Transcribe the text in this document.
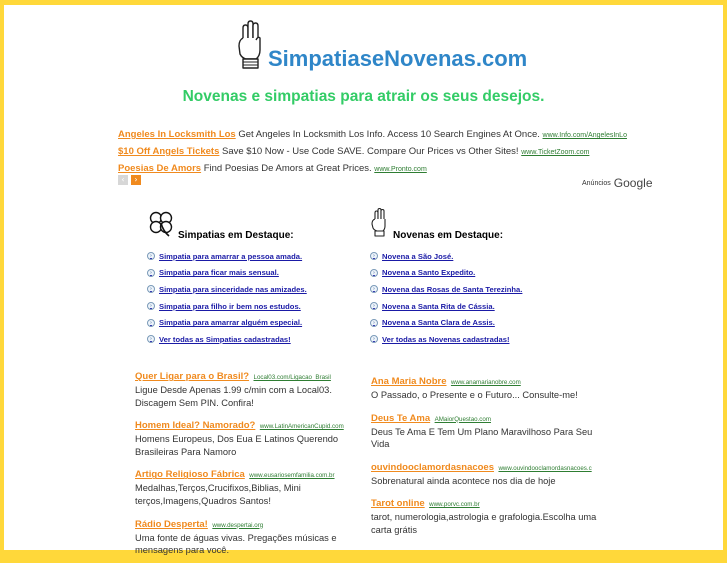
SimpatiaseNovenas.com
Novenas e simpatias para atrair os seus desejos.
Angeles In Locksmith Los Get Angeles In Locksmith Los Info. Access 10 Search Engines At Once. www.Info.com/AngelesInLo
$10 Off Angels Tickets Save $10 Now - Use Code SAVE. Compare Our Prices vs Other Sites! www.TicketZoom.com
Poesias De Amors Find Poesias De Amors at Great Prices. www.Pronto.com
‹	›	Anúncios Google
Simpatias em Destaque:
› Simpatia para amarrar a pessoa amada.
› Simpatia para ficar mais sensual.
› Simpatia para sinceridade nas amizades.
› Simpatia para filho ir bem nos estudos.
› Simpatia para amarrar alguém especial.
› Ver todas as Simpatias cadastradas!
Novenas em Destaque:
› Novena a São José.
› Novena a Santo Expedito.
› Novena das Rosas de Santa Terezinha.
› Novena a Santa Rita de Cássia.
› Novena a Santa Clara de Assis.
› Ver todas as Novenas cadastradas!
Quer Ligar para o Brasil? Local03.com/Ligacao_Brasil
Ligue Desde Apenas 1.99 c/min com a Local03. Discagem Sem PIN. Confira!
Homem Ideal? Namorado? www.LatinAmericanCupid.com
Homens Europeus, Dos Eua E Latinos Querendo Brasileiras Para Namoro
Artigo Religioso Fábrica www.eusariosemfamilia.com.br
Medalhas,Terços,Crucifixos,Biblias, Mini terços,Imagens,Quadros Santos!
Rádio Desperta! www.despertai.org
Uma fonte de águas vivas. Pregações músicas e mensagens para você.
Ana Maria Nobre www.anamarianobre.com
O Passado, o Presente e o Futuro... Consulte-me!
Deus Te Ama AMaiorQuestao.com
Deus Te Ama E Tem Um Plano Maravilhoso Para Seu Vida
ouvindooclamordasnacoes www.ouvindooclamordasnacoes.c
Sobrenatural ainda acontece nos dia de hoje
Tarot online www.porvc.com.br
tarot, numerologia,astrologia e grafologia.Escolha uma carta grátis
